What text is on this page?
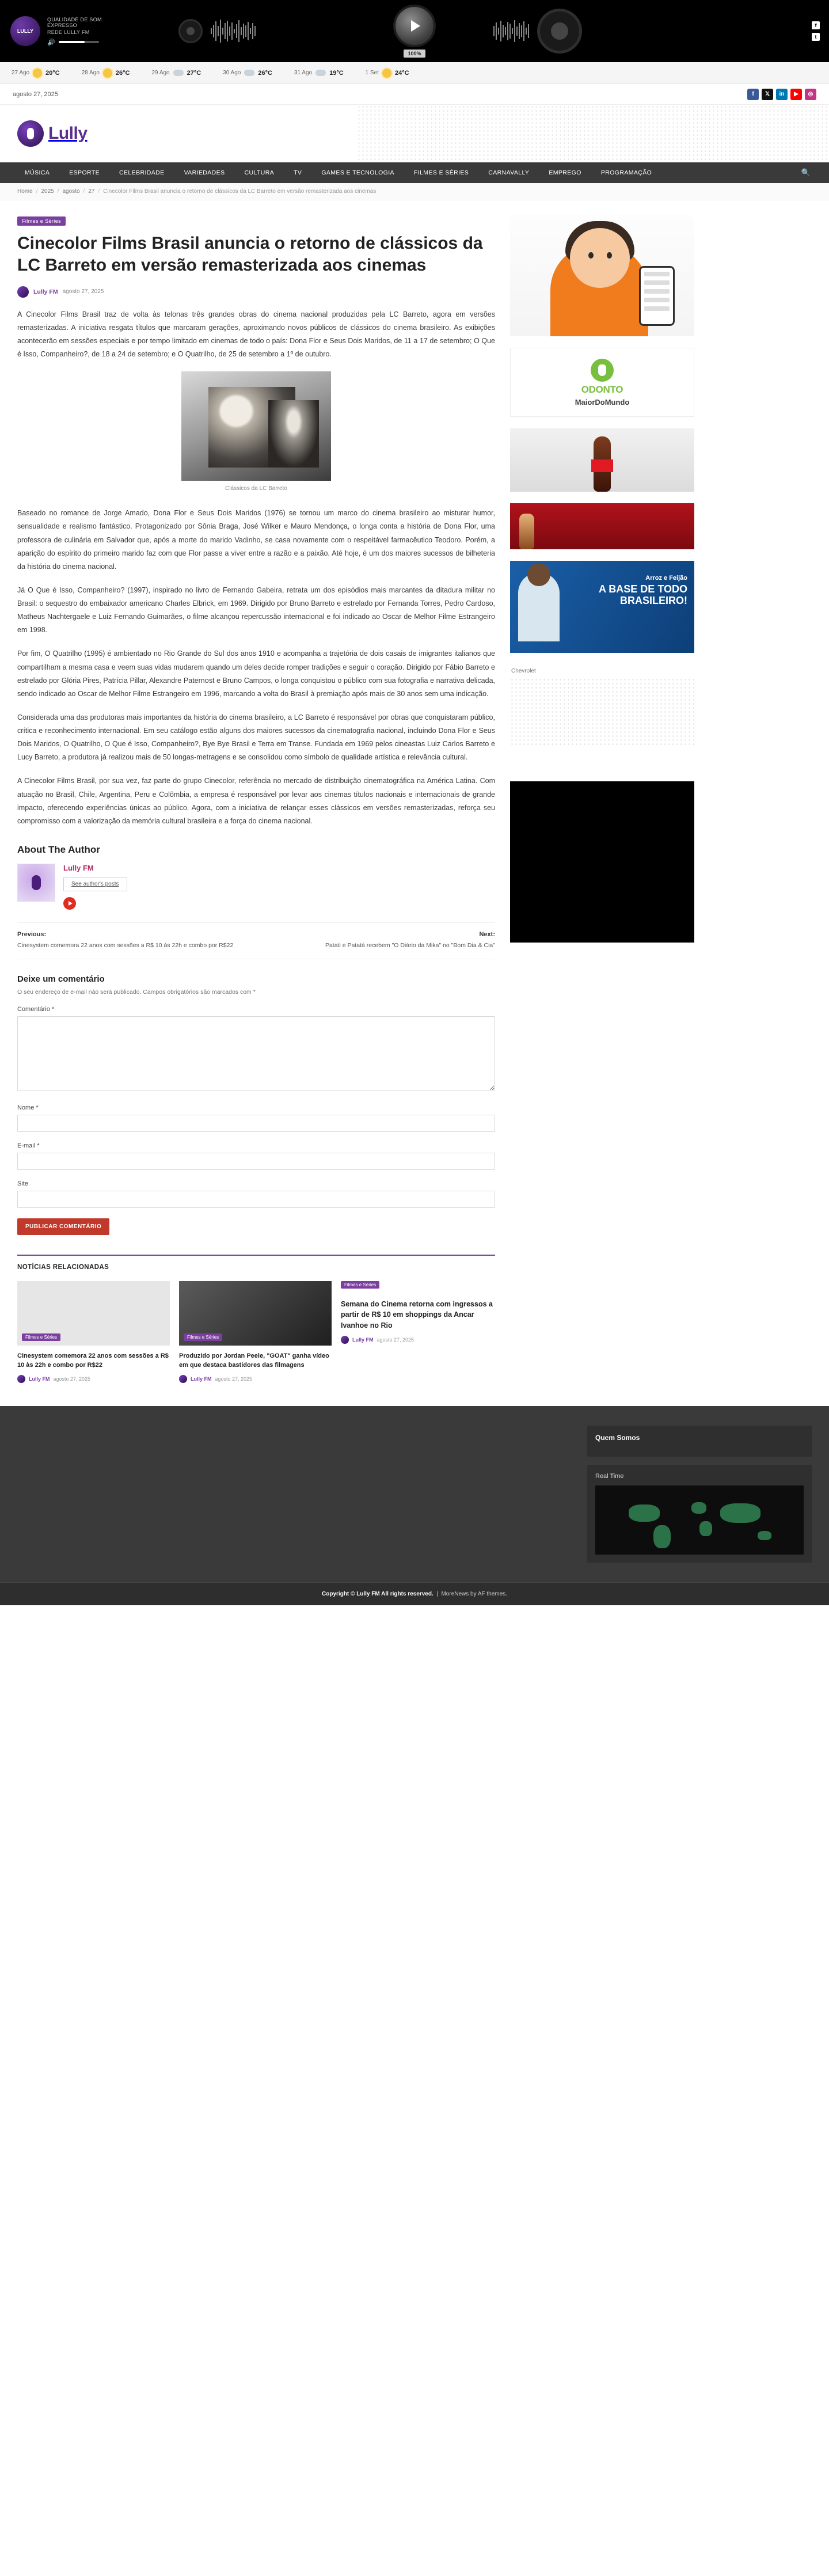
LULLY
QUALIDADE DE SOM
EXPRESSO
REDE LULLY FM
🔊
100%
f
t
27 Ago	20°C	28 Ago	26°C	29 Ago	27°C	30 Ago	26°C	31 Ago	19°C	1 Set	24°C
agosto 27, 2025	f	𝕏	in	▶	◎
Lully
MÚSICA	ESPORTE	CELEBRIDADE	VARIEDADES	CULTURA	TV	GAMES E TECNOLOGIA	FILMES E SÉRIES	CARNAVALLY	EMPREGO	PROGRAMAÇÃO	🔍
Home / 2025 / agosto / 27 / Cinecolor Films Brasil anuncia o retorno de clássicos da LC Barreto em versão remasterizada aos cinemas
Filmes e Séries
Cinecolor Films Brasil anuncia o retorno de clássicos da LC Barreto em versão remasterizada aos cinemas
Lully FM agosto 27, 2025

A Cinecolor Films Brasil traz de volta às telonas três grandes obras do cinema nacional produzidas pela LC Barreto, agora em versões remasterizadas. A iniciativa resgata títulos que marcaram gerações, aproximando novos públicos de clássicos do cinema brasileiro. As exibições acontecerão em sessões especiais e por tempo limitado em cinemas de todo o país: Dona Flor e Seus Dois Maridos, de 11 a 17 de setembro; O Que é Isso, Companheiro?, de 18 a 24 de setembro; e O Quatrilho, de 25 de setembro a 1º de outubro.

Clássicos da LC Barreto

Baseado no romance de Jorge Amado, Dona Flor e Seus Dois Maridos (1976) se tornou um marco do cinema brasileiro ao misturar humor, sensualidade e realismo fantástico. Protagonizado por Sônia Braga, José Wilker e Mauro Mendonça, o longa conta a história de Dona Flor, uma professora de culinária em Salvador que, após a morte do marido Vadinho, se casa novamente com o respeitável farmacêutico Teodoro. Porém, a aparição do espírito do primeiro marido faz com que Flor passe a viver entre a razão e a paixão. Até hoje, é um dos maiores sucessos de bilheteria da história do cinema nacional.

Já O Que é Isso, Companheiro? (1997), inspirado no livro de Fernando Gabeira, retrata um dos episódios mais marcantes da ditadura militar no Brasil: o sequestro do embaixador americano Charles Elbrick, em 1969. Dirigido por Bruno Barreto e estrelado por Fernanda Torres, Pedro Cardoso, Matheus Nachtergaele e Luiz Fernando Guimarães, o filme alcançou repercussão internacional e foi indicado ao Oscar de Melhor Filme Estrangeiro em 1998.

Por fim, O Quatrilho (1995) é ambientado no Rio Grande do Sul dos anos 1910 e acompanha a trajetória de dois casais de imigrantes italianos que compartilham a mesma casa e veem suas vidas mudarem quando um deles decide romper tradições e seguir o coração. Dirigido por Fábio Barreto e estrelado por Glória Pires, Patrícia Pillar, Alexandre Paternost e Bruno Campos, o longa conquistou o público com sua fotografia e narrativa delicada, sendo indicado ao Oscar de Melhor Filme Estrangeiro em 1996, marcando a volta do Brasil à premiação após mais de 30 anos sem uma indicação.

Considerada uma das produtoras mais importantes da história do cinema brasileiro, a LC Barreto é responsável por obras que conquistaram público, crítica e reconhecimento internacional. Em seu catálogo estão alguns dos maiores sucessos da cinematografia nacional, incluindo Dona Flor e Seus Dois Maridos, O Quatrilho, O Que é Isso, Companheiro?, Bye Bye Brasil e Terra em Transe. Fundada em 1969 pelos cineastas Luiz Carlos Barreto e Lucy Barreto, a produtora já realizou mais de 50 longas-metragens e se consolidou como símbolo de qualidade artística e relevância cultural.

A Cinecolor Films Brasil, por sua vez, faz parte do grupo Cinecolor, referência no mercado de distribuição cinematográfica na América Latina. Com atuação no Brasil, Chile, Argentina, Peru e Colômbia, a empresa é responsável por levar aos cinemas títulos nacionais e internacionais de grande impacto, oferecendo experiências únicas ao público. Agora, com a iniciativa de relançar esses clássicos em versões remasterizadas, reforça seu compromisso com a valorização da memória cultural brasileira e a força do cinema nacional.

About The Author
Lully FM
See author's posts
Previous:
Cinesystem comemora 22 anos com sessões a R$ 10 às 22h e combo por R$22
Next:
Patati e Patatá recebem "O Diário da Mika" no "Bom Dia & Cia"
Deixe um comentário
O seu endereço de e-mail não será publicado. Campos obrigatórios são marcados com *
Comentário *
Nome *
E-mail *
Site
PUBLICAR COMENTÁRIO
NOTÍCIAS RELACIONADAS
Filmes e Séries
Cinesystem comemora 22 anos com sessões a R$ 10 às 22h e combo por R$22
Lully FM agosto 27, 2025
Filmes e Séries
Produzido por Jordan Peele, "GOAT" ganha vídeo em que destaca bastidores das filmagens
Lully FM agosto 27, 2025
Filmes e Séries
Semana do Cinema retorna com ingressos a partir de R$ 10 em shoppings da Ancar Ivanhoe no Rio
Lully FM agosto 27, 2025
ODONTO
MaiorDoMundo
Arroz e Feijão
A BASE DE TODO BRASILEIRO!
Chevrolet
Quem Somos
Real Time
Copyright © Lully FM All rights reserved.  |  MoreNews by AF themes.
